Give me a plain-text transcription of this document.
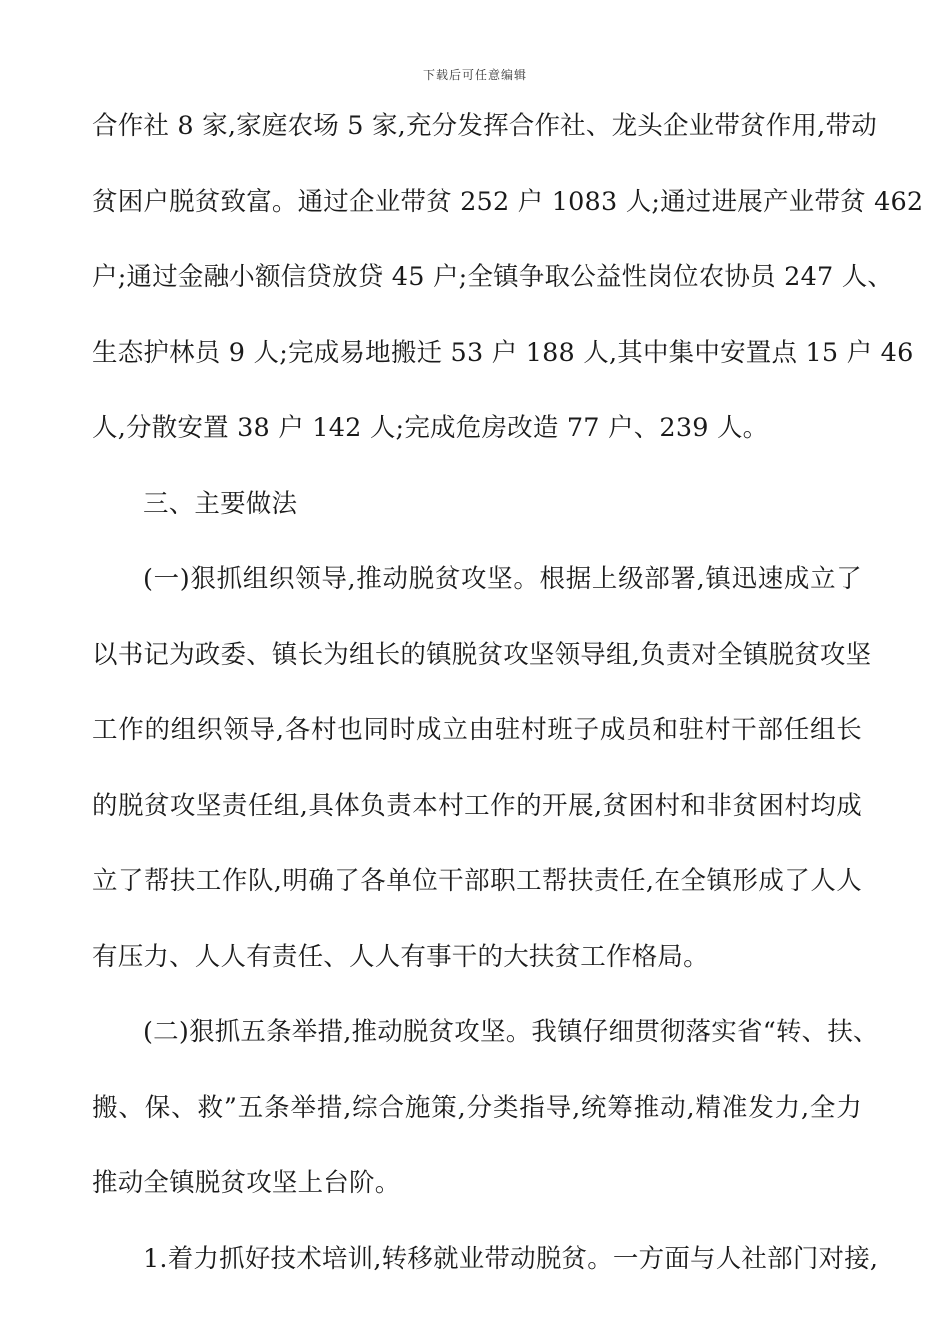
下载后可任意编辑
合作社 8 家,家庭农场 5 家,充分发挥合作社、龙头企业带贫作用,带动
贫困户脱贫致富。通过企业带贫 252 户 1083 人;通过进展产业带贫 462
户;通过金融小额信贷放贷 45 户;全镇争取公益性岗位农协员 247 人、
生态护林员 9 人;完成易地搬迁 53 户 188 人,其中集中安置点 15 户 46
人,分散安置 38 户 142 人;完成危房改造 77 户、239 人。
三、主要做法
(一)狠抓组织领导,推动脱贫攻坚。根据上级部署,镇迅速成立了
以书记为政委、镇长为组长的镇脱贫攻坚领导组,负责对全镇脱贫攻坚
工作的组织领导,各村也同时成立由驻村班子成员和驻村干部任组长
的脱贫攻坚责任组,具体负责本村工作的开展,贫困村和非贫困村均成
立了帮扶工作队,明确了各单位干部职工帮扶责任,在全镇形成了人人
有压力、人人有责任、人人有事干的大扶贫工作格局。
(二)狠抓五条举措,推动脱贫攻坚。我镇仔细贯彻落实省“转、扶、
搬、保、救”五条举措,综合施策,分类指导,统筹推动,精准发力,全力
推动全镇脱贫攻坚上台阶。
1.着力抓好技术培训,转移就业带动脱贫。一方面与人社部门对接,
